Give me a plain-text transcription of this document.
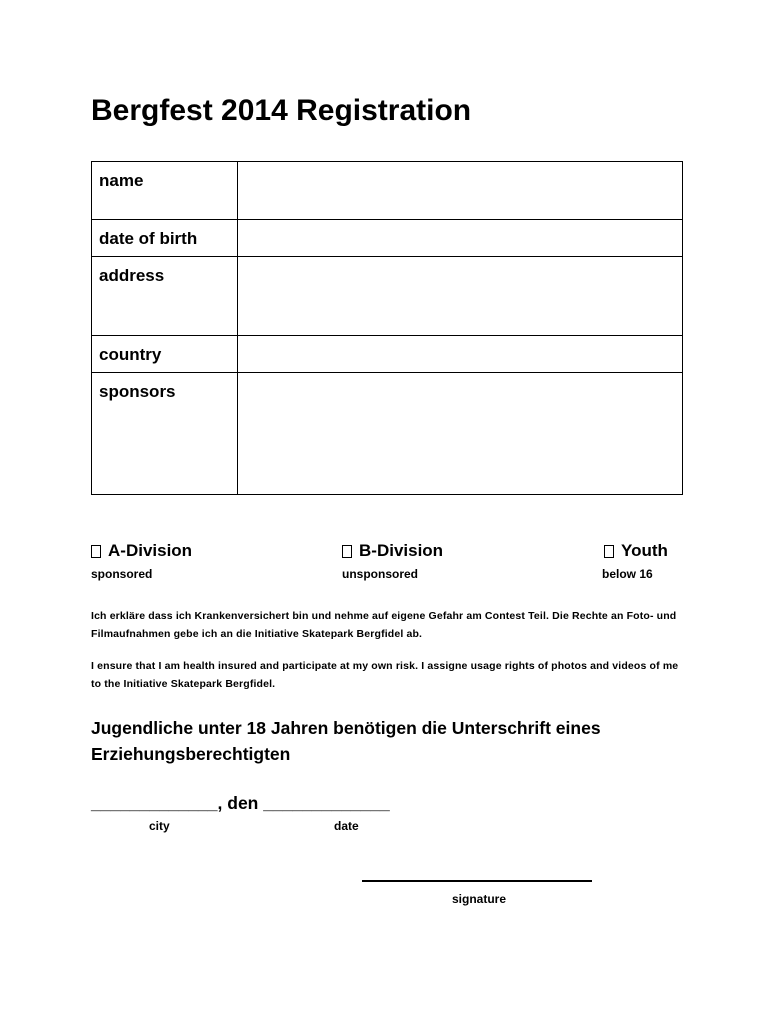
Bergfest 2014 Registration
name	
date of birth	
address	
country	
sponsors	
A-Division
sponsored
B-Division
unsponsored
Youth
below 16

Ich erkläre dass ich Krankenversichert bin und nehme auf eigene Gefahr am Contest Teil. Die Rechte an Foto- und Filmaufnahmen gebe ich an die Initiative Skatepark Bergfidel ab.

I ensure that I am health insured and participate at my own risk. I assigne usage rights of photos and videos of me to the Initiative Skatepark Bergfidel.

Jugendliche unter 18 Jahren benötigen die Unterschrift eines Erziehungsberechtigten

_____________, den _____________
city	date
signature
